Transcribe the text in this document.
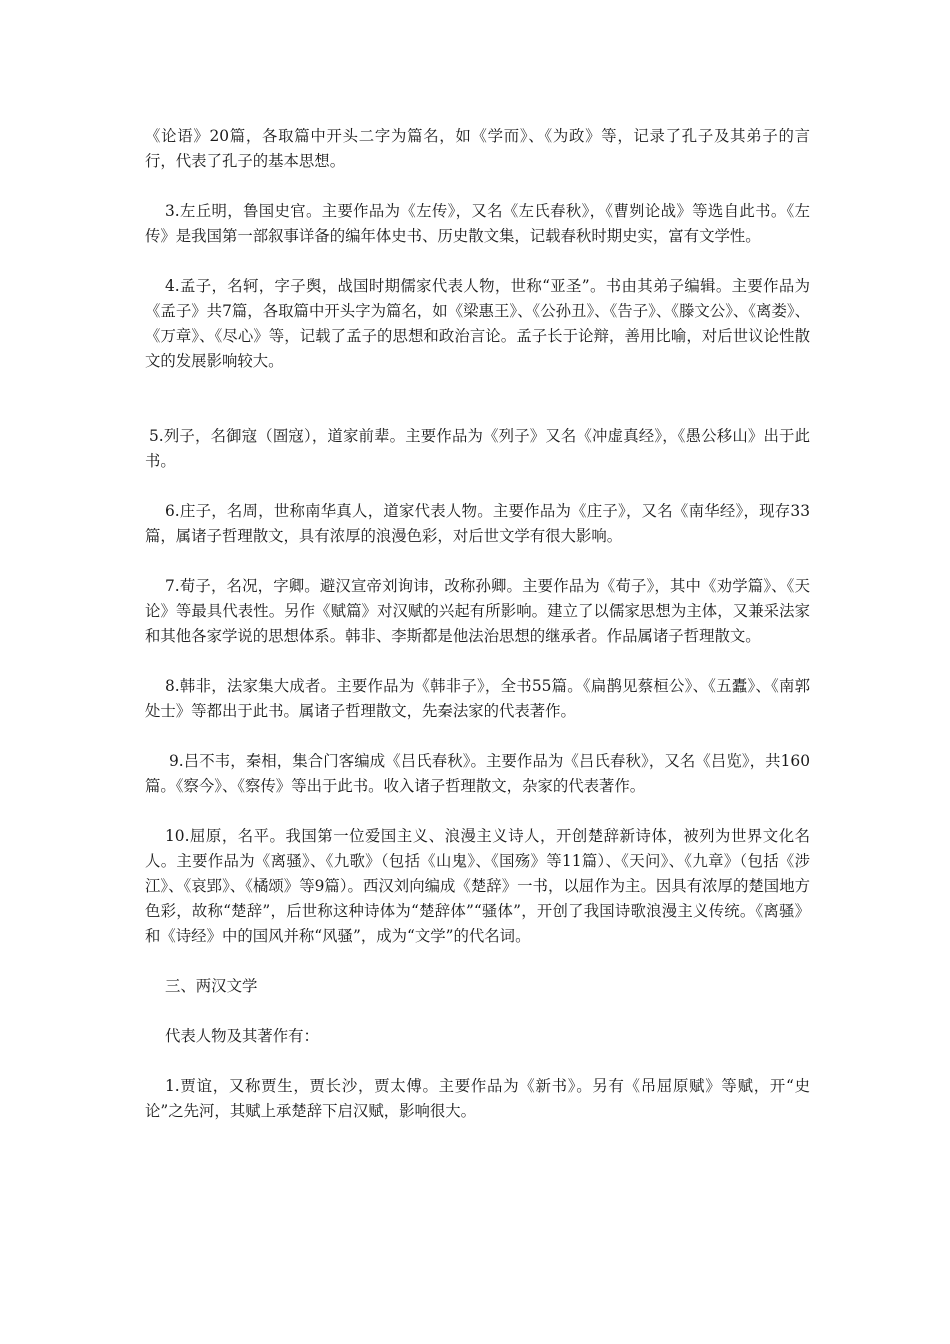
《论语》20篇，各取篇中开头二字为篇名，如《学而》、《为政》等，记录了孔子及其弟子的言行，代表了孔子的基本思想。

3.左丘明，鲁国史官。主要作品为《左传》，又名《左氏春秋》，《曹刿论战》等选自此书。《左传》是我国第一部叙事详备的编年体史书、历史散文集，记载春秋时期史实，富有文学性。

4.孟子，名轲，字子舆，战国时期儒家代表人物，世称“亚圣”。书由其弟子编辑。主要作品为《孟子》共7篇，各取篇中开头字为篇名，如《梁惠王》、《公孙丑》、《告子》、《滕文公》、《离娄》、《万章》、《尽心》等，记载了孟子的思想和政治言论。孟子长于论辩，善用比喻，对后世议论性散文的发展影响较大。

5.列子，名御寇（圄寇），道家前辈。主要作品为《列子》又名《冲虚真经》，《愚公移山》出于此书。

6.庄子，名周，世称南华真人，道家代表人物。主要作品为《庄子》，又名《南华经》，现存33篇，属诸子哲理散文，具有浓厚的浪漫色彩，对后世文学有很大影响。

7.荀子，名况，字卿。避汉宣帝刘询讳，改称孙卿。主要作品为《荀子》，其中《劝学篇》、《天论》等最具代表性。另作《赋篇》对汉赋的兴起有所影响。建立了以儒家思想为主体，又兼采法家和其他各家学说的思想体系。韩非、李斯都是他法治思想的继承者。作品属诸子哲理散文。

8.韩非，法家集大成者。主要作品为《韩非子》，全书55篇。《扁鹊见蔡桓公》、《五蠹》、《南郭处士》等都出于此书。属诸子哲理散文，先秦法家的代表著作。

9.吕不韦，秦相，集合门客编成《吕氏春秋》。主要作品为《吕氏春秋》，又名《吕览》，共160篇。《察今》、《察传》等出于此书。收入诸子哲理散文，杂家的代表著作。

10.屈原，名平。我国第一位爱国主义、浪漫主义诗人，开创楚辞新诗体，被列为世界文化名人。主要作品为《离骚》、《九歌》（包括《山鬼》、《国殇》等11篇）、《天问》、《九章》（包括《涉江》、《哀郢》、《橘颂》等9篇）。西汉刘向编成《楚辞》一书，以屈作为主。因具有浓厚的楚国地方色彩，故称“楚辞”，后世称这种诗体为“楚辞体”“骚体”，开创了我国诗歌浪漫主义传统。《离骚》和《诗经》中的国风并称“风骚”，成为“文学”的代名词。

三、两汉文学

代表人物及其著作有：

1.贾谊，又称贾生，贾长沙，贾太傅。主要作品为《新书》。另有《吊屈原赋》等赋，开“史论”之先河，其赋上承楚辞下启汉赋，影响很大。
